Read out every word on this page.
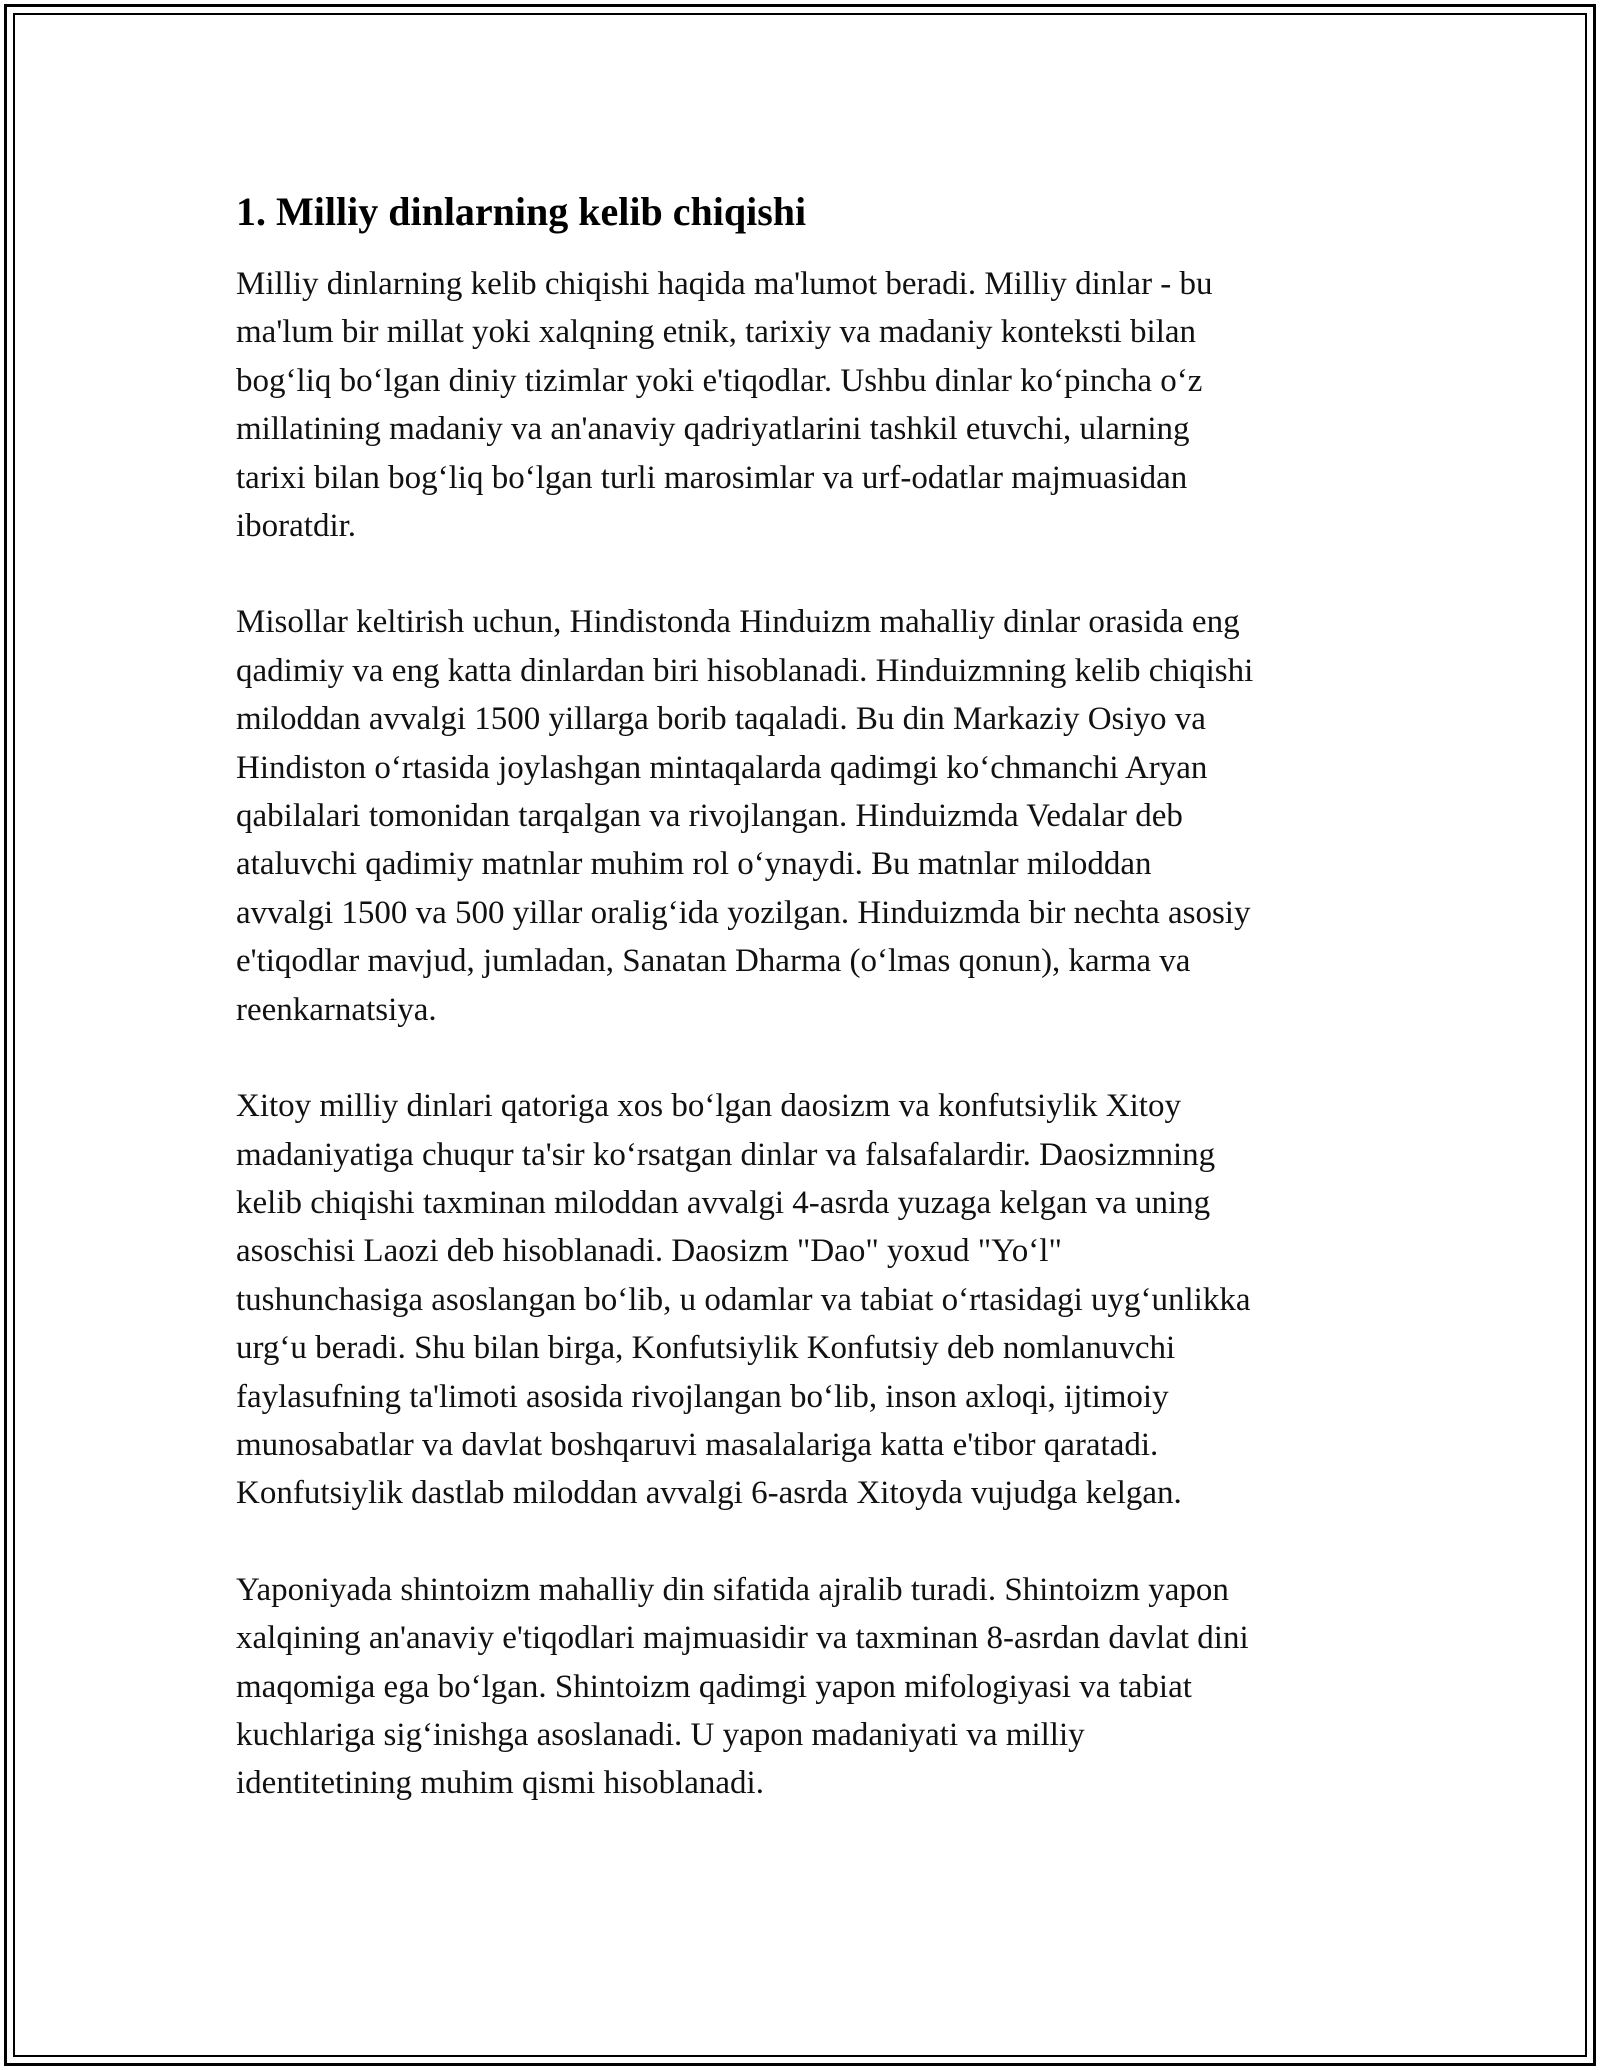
1. Milliy dinlarning kelib chiqishi

Milliy dinlarning kelib chiqishi haqida ma'lumot beradi. Milliy dinlar - bu
ma'lum bir millat yoki xalqning etnik, tarixiy va madaniy konteksti bilan
bog‘liq bo‘lgan diniy tizimlar yoki e'tiqodlar. Ushbu dinlar ko‘pincha o‘z
millatining madaniy va an'anaviy qadriyatlarini tashkil etuvchi, ularning
tarixi bilan bog‘liq bo‘lgan turli marosimlar va urf-odatlar majmuasidan
iboratdir.

Misollar keltirish uchun, Hindistonda Hinduizm mahalliy dinlar orasida eng
qadimiy va eng katta dinlardan biri hisoblanadi. Hinduizmning kelib chiqishi
miloddan avvalgi 1500 yillarga borib taqaladi. Bu din Markaziy Osiyo va
Hindiston o‘rtasida joylashgan mintaqalarda qadimgi ko‘chmanchi Aryan
qabilalari tomonidan tarqalgan va rivojlangan. Hinduizmda Vedalar deb
ataluvchi qadimiy matnlar muhim rol o‘ynaydi. Bu matnlar miloddan
avvalgi 1500 va 500 yillar oralig‘ida yozilgan. Hinduizmda bir nechta asosiy
e'tiqodlar mavjud, jumladan, Sanatan Dharma (o‘lmas qonun), karma va
reenkarnatsiya.

Xitoy milliy dinlari qatoriga xos bo‘lgan daosizm va konfutsiylik Xitoy
madaniyatiga chuqur ta'sir ko‘rsatgan dinlar va falsafalardir. Daosizmning
kelib chiqishi taxminan miloddan avvalgi 4-asrda yuzaga kelgan va uning
asoschisi Laozi deb hisoblanadi. Daosizm "Dao" yoxud "Yo‘l"
tushunchasiga asoslangan bo‘lib, u odamlar va tabiat o‘rtasidagi uyg‘unlikka
urg‘u beradi. Shu bilan birga, Konfutsiylik Konfutsiy deb nomlanuvchi
faylasufning ta'limoti asosida rivojlangan bo‘lib, inson axloqi, ijtimoiy
munosabatlar va davlat boshqaruvi masalalariga katta e'tibor qaratadi.
Konfutsiylik dastlab miloddan avvalgi 6-asrda Xitoyda vujudga kelgan.

Yaponiyada shintoizm mahalliy din sifatida ajralib turadi. Shintoizm yapon
xalqining an'anaviy e'tiqodlari majmuasidir va taxminan 8-asrdan davlat dini
maqomiga ega bo‘lgan. Shintoizm qadimgi yapon mifologiyasi va tabiat
kuchlariga sig‘inishga asoslanadi. U yapon madaniyati va milliy
identitetining muhim qismi hisoblanadi.
